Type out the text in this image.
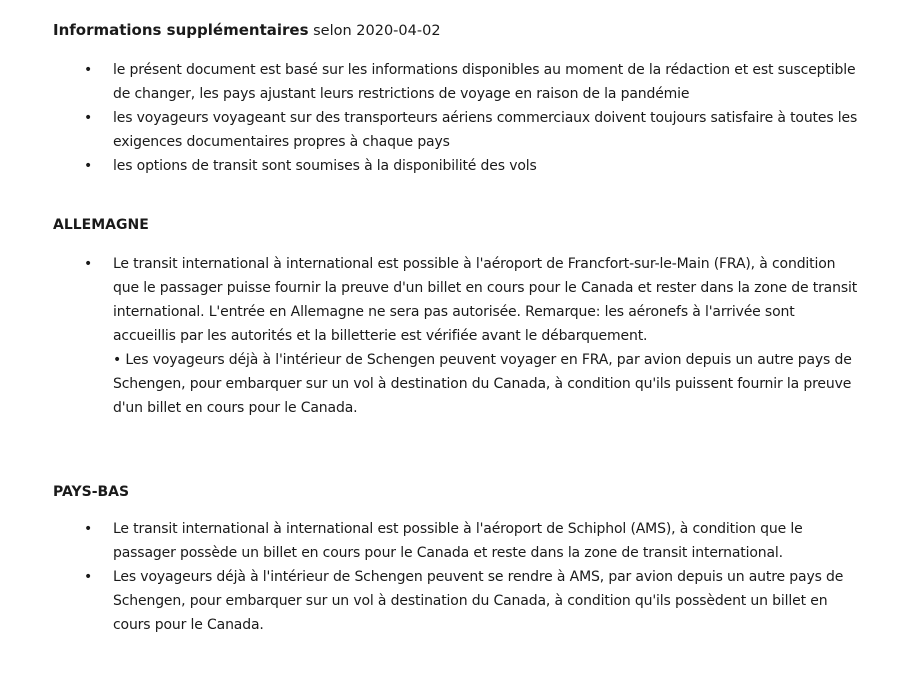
Informations supplémentaires selon 2020-04-02
• le présent document est basé sur les informations disponibles au moment de la rédaction et est susceptible de changer, les pays ajustant leurs restrictions de voyage en raison de la pandémie
• les voyageurs voyageant sur des transporteurs aériens commerciaux doivent toujours satisfaire à toutes les exigences documentaires propres à chaque pays
• les options de transit sont soumises à la disponibilité des vols
ALLEMAGNE
• Le transit international à international est possible à l'aéroport de Francfort-sur-le-Main (FRA), à condition que le passager puisse fournir la preuve d'un billet en cours pour le Canada et rester dans la zone de transit international. L'entrée en Allemagne ne sera pas autorisée. Remarque: les aéronefs à l'arrivée sont accueillis par les autorités et la billetterie est vérifiée avant le débarquement.
• Les voyageurs déjà à l'intérieur de Schengen peuvent voyager en FRA, par avion depuis un autre pays de Schengen, pour embarquer sur un vol à destination du Canada, à condition qu'ils puissent fournir la preuve d'un billet en cours pour le Canada.
PAYS-BAS
• Le transit international à international est possible à l'aéroport de Schiphol (AMS), à condition que le passager possède un billet en cours pour le Canada et reste dans la zone de transit international.
• Les voyageurs déjà à l'intérieur de Schengen peuvent se rendre à AMS, par avion depuis un autre pays de Schengen, pour embarquer sur un vol à destination du Canada, à condition qu'ils possèdent un billet en cours pour le Canada.
